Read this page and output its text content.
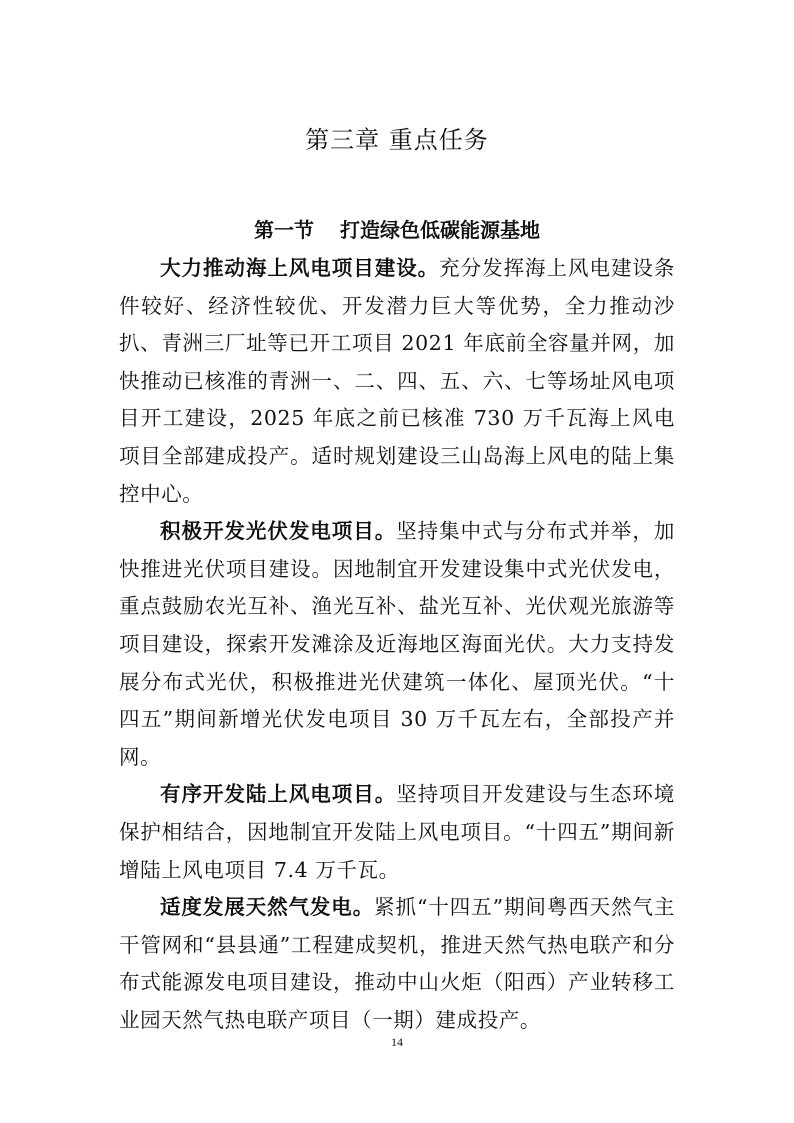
第三章 重点任务
第一节 打造绿色低碳能源基地

大力推动海上风电项目建设。充分发挥海上风电建设条件较好、经济性较优、开发潜力巨大等优势，全力推动沙扒、青洲三厂址等已开工项目 2021 年底前全容量并网，加快推动已核准的青洲一、二、四、五、六、七等场址风电项目开工建设，2025 年底之前已核准 730 万千瓦海上风电项目全部建成投产。适时规划建设三山岛海上风电的陆上集控中心。

积极开发光伏发电项目。坚持集中式与分布式并举，加快推进光伏项目建设。因地制宜开发建设集中式光伏发电，重点鼓励农光互补、渔光互补、盐光互补、光伏观光旅游等项目建设，探索开发滩涂及近海地区海面光伏。大力支持发展分布式光伏，积极推进光伏建筑一体化、屋顶光伏。“十四五”期间新增光伏发电项目 30 万千瓦左右，全部投产并网。

有序开发陆上风电项目。坚持项目开发建设与生态环境保护相结合，因地制宜开发陆上风电项目。“十四五”期间新增陆上风电项目 7.4 万千瓦。

适度发展天然气发电。紧抓“十四五”期间粤西天然气主干管网和“县县通”工程建成契机，推进天然气热电联产和分布式能源发电项目建设，推动中山火炬（阳西）产业转移工业园天然气热电联产项目（一期）建成投产。

14
